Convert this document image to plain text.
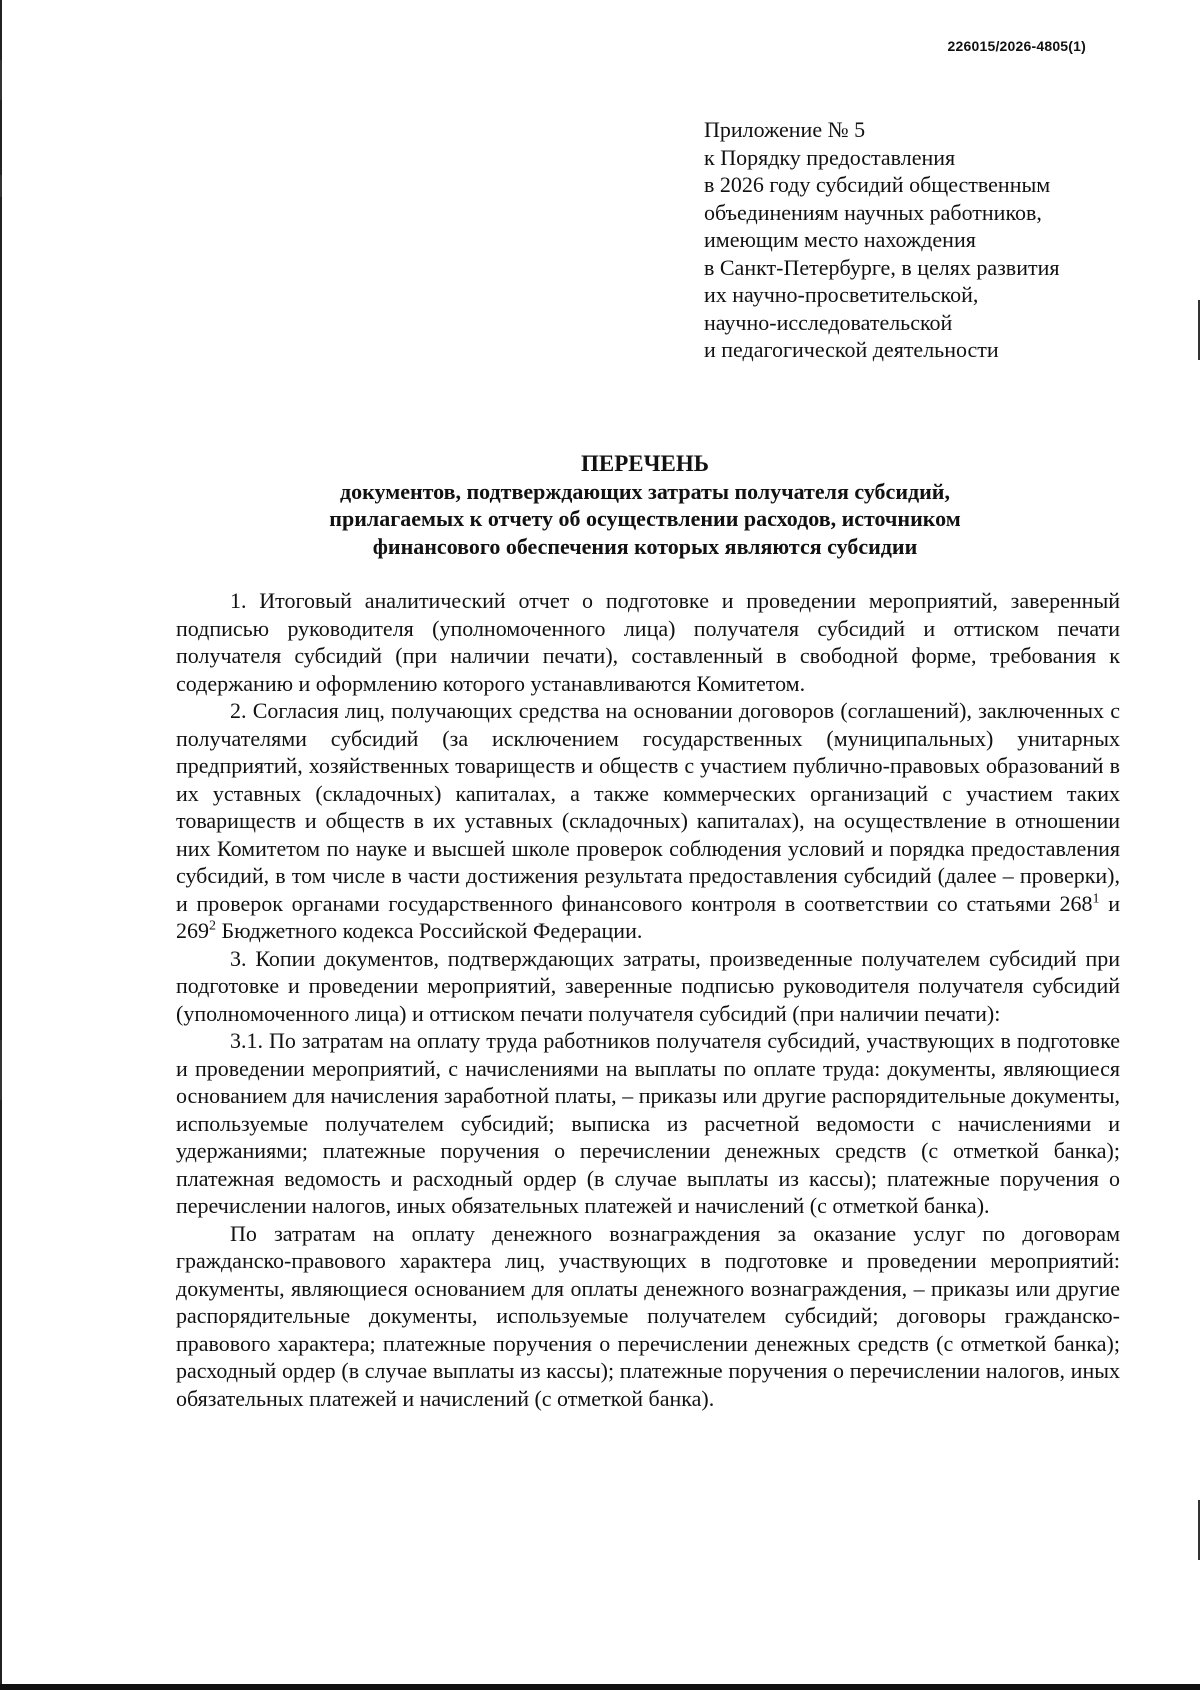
226015/2026-4805(1)
Приложение № 5
к Порядку предоставления
в 2026 году субсидий общественным
объединениям научных работников,
имеющим место нахождения
в Санкт-Петербурге, в целях развития
их научно-просветительской,
научно-исследовательской
и педагогической деятельности
ПЕРЕЧЕНЬ
документов, подтверждающих затраты получателя субсидий,
прилагаемых к отчету об осуществлении расходов, источником
финансового обеспечения которых являются субсидии

1. Итоговый аналитический отчет о подготовке и проведении мероприятий, заверенный подписью руководителя (уполномоченного лица) получателя субсидий и оттиском печати получателя субсидий (при наличии печати), составленный в свободной форме, требования к содержанию и оформлению которого устанавливаются Комитетом.

2. Согласия лиц, получающих средства на основании договоров (соглашений), заключенных с получателями субсидий (за исключением государственных (муниципальных) унитарных предприятий, хозяйственных товариществ и обществ с участием публично-правовых образований в их уставных (складочных) капиталах, а также коммерческих организаций с участием таких товариществ и обществ в их уставных (складочных) капиталах), на осуществление в отношении них Комитетом по науке и высшей школе проверок соблюдения условий и порядка предоставления субсидий, в том числе в части достижения результата предоставления субсидий (далее – проверки), и проверок органами государственного финансового контроля в соответствии со статьями $268^1$ и $269^2$ Бюджетного кодекса Российской Федерации.

3. Копии документов, подтверждающих затраты, произведенные получателем субсидий при подготовке и проведении мероприятий, заверенные подписью руководителя получателя субсидий (уполномоченного лица) и оттиском печати получателя субсидий (при наличии печати):

3.1. По затратам на оплату труда работников получателя субсидий, участвующих в подготовке и проведении мероприятий, с начислениями на выплаты по оплате труда: документы, являющиеся основанием для начисления заработной платы, – приказы или другие распорядительные документы, используемые получателем субсидий; выписка из расчетной ведомости с начислениями и удержаниями; платежные поручения о перечислении денежных средств (с отметкой банка); платежная ведомость и расходный ордер (в случае выплаты из кассы); платежные поручения о перечислении налогов, иных обязательных платежей и начислений (с отметкой банка).

По затратам на оплату денежного вознаграждения за оказание услуг по договорам гражданско-правового характера лиц, участвующих в подготовке и проведении мероприятий: документы, являющиеся основанием для оплаты денежного вознаграждения, – приказы или другие распорядительные документы, используемые получателем субсидий; договоры гражданско-правового характера; платежные поручения о перечислении денежных средств (с отметкой банка); расходный ордер (в случае выплаты из кассы); платежные поручения о перечислении налогов, иных обязательных платежей и начислений (с отметкой банка).
